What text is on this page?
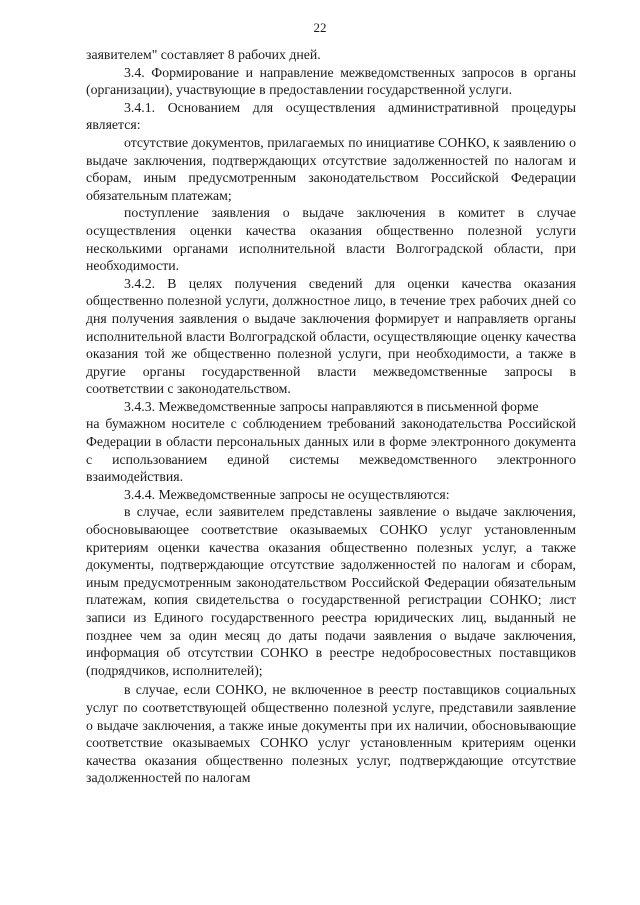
22

заявителем" составляет 8 рабочих дней.

3.4. Формирование и направление межведомственных запросов в органы (организации), участвующие в предоставлении государственной услуги.

3.4.1. Основанием для осуществления административной процедуры является:

отсутствие документов, прилагаемых по инициативе СОНКО, к заявлению о выдаче заключения, подтверждающих отсутствие задолженностей по налогам и сборам, иным предусмотренным законодательством Российской Федерации обязательным платежам;

поступление заявления о выдаче заключения в комитет в случае осуществления оценки качества оказания общественно полезной услуги несколькими органами исполнительной власти Волгоградской области, при необходимости.

3.4.2. В целях получения сведений для оценки качества оказания общественно полезной услуги, должностное лицо, в течение трех рабочих дней со дня получения заявления о выдаче заключения формирует и направляетв органы исполнительной власти Волгоградской области, осуществляющие оценку качества оказания той же общественно полезной услуги, при необходимости, а также в другие органы государственной власти межведомственные запросы в соответствии с законодательством.

3.4.3. Межведомственные запросы направляются в письменной форме

на бумажном носителе с соблюдением требований законодательства Российской Федерации в области персональных данных или в форме электронного документа с использованием единой системы межведомственного электронного взаимодействия.

3.4.4. Межведомственные запросы не осуществляются:

в случае, если заявителем представлены заявление о выдаче заключения, обосновывающее соответствие оказываемых СОНКО услуг установленным критериям оценки качества оказания общественно полезных услуг, а также документы, подтверждающие отсутствие задолженностей по налогам и сборам, иным предусмотренным законодательством Российской Федерации обязательным платежам, копия свидетельства о государственной регистрации СОНКО; лист записи из Единого государственного реестра юридических лиц, выданный не позднее чем за один месяц до даты подачи заявления о выдаче заключения, информация об отсутствии СОНКО в реестре недобросовестных поставщиков (подрядчиков, исполнителей);

в случае, если СОНКО, не включенное в реестр поставщиков социальных услуг по соответствующей общественно полезной услуге, представили заявление о выдаче заключения, а также иные документы при их наличии, обосновывающие соответствие оказываемых СОНКО услуг установленным критериям оценки качества оказания общественно полезных услуг, подтверждающие отсутствие задолженностей по налогам
